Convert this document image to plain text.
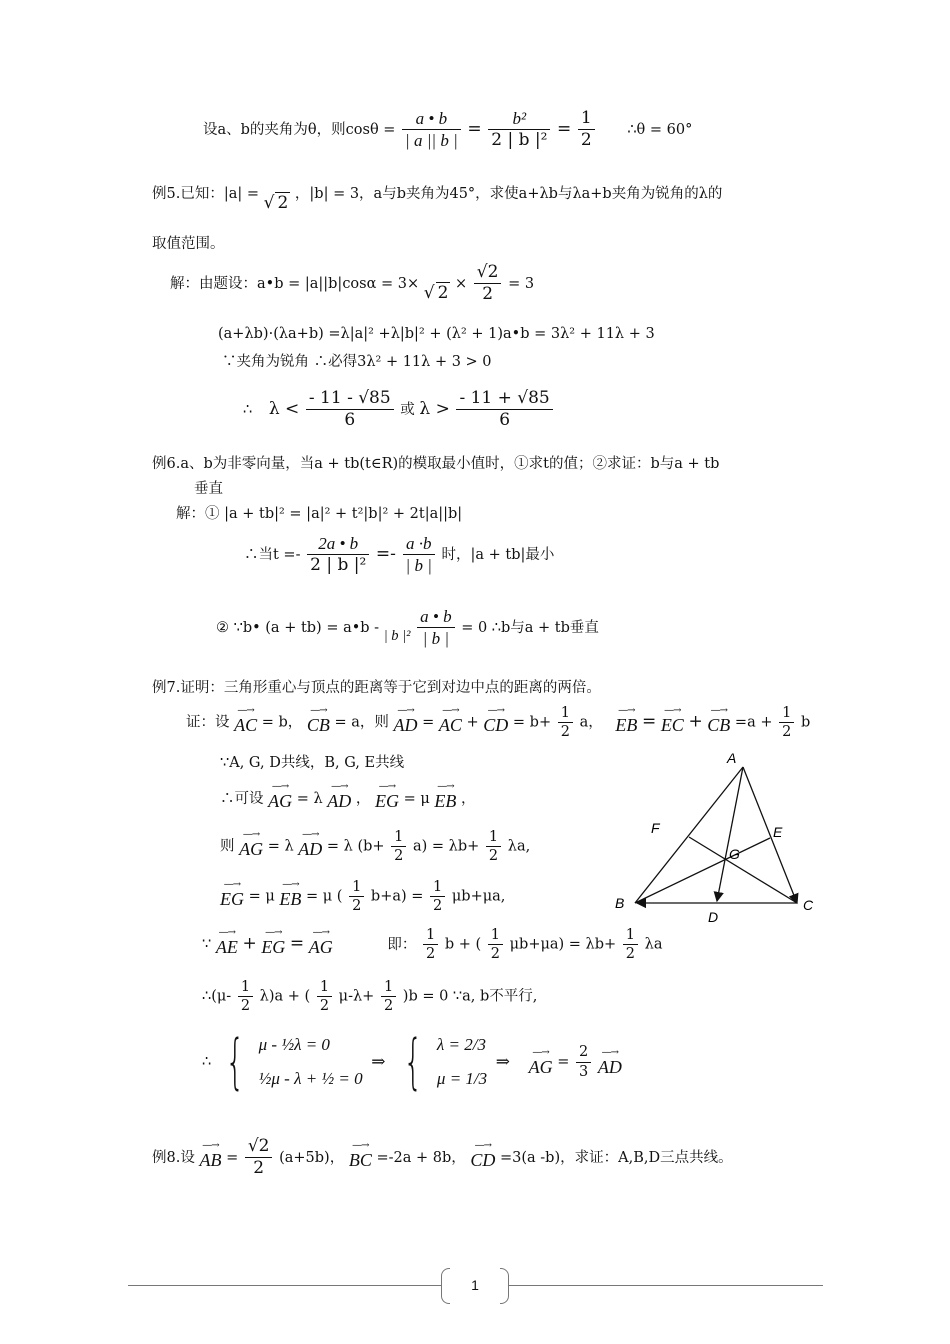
设a、b的夹角为θ，则$\cos\theta = \frac{a • b}{| a || b |} = \frac{\text{b²}}{\text{2 | b |²}} = \frac{1}{2}$ ∴θ = 60°
例5.已知：|a| = √ 2 ，|b| = 3，a与b夹角为45°，求使a+λb与λa+b夹角为锐角的λ的
取值范围。
解：由题设：a•b = |a||b|cosα = 3× √ $2 \times \frac{√2}{2} = 3$
(a+λb)·(λa+b) =λ|a|² +λ|b|² + (λ² + 1)a•b = 3λ² + 11λ + 3
∵夹角为锐角 ∴必得3λ² + 11λ + 3 > 0
∴ $\lambda < \frac{- 11 - √85}{6}$ 或 $\lambda > \frac{- 11 + √85}{6}$
例6.a、b为非零向量，当a + tb(t∈R)的模取最小值时，①求t的值；②求证：b与a + tb
垂直
解：① |a + tb|² = |a|² + t²|b|² + 2t|a||b|
∴当$t =- \frac{2a • b}{\text{2 | b |²}} =- \frac{a \cdot b}{| b |}$ 时，|a + tb|最小
② ∵b• (a + tb) = a•b - | b $|^2 \frac{a • b}{| b |} = 0$ ∴b与a + tb垂直
例7.证明：三角形重心与顶点的距离等于它到对边中点的距离的两倍。
证：设
—→
AC = b，
—→
CB = a，则
—→
AD =
—→
AC +
—→
CD = $b+ \frac{1}{2}$ a，
—→
EB =
—→
EC +
—→
CB $=a + \frac{1}{2}$ b
∵A, G, D共线，B, G, E共线
∴可设
—→
AG = λ
—→
AD ，
—→
EG = μ
—→
EB ，
则
—→
AG = λ
—→
AD = λ $(b+ \frac{1}{2} a) = \lambda b+ \frac{1}{2} \lambda a$,
—→
EG = μ
—→
EB = μ ( $\frac{1}{2} b+a) = \frac{1}{2} \mu b+\mu a$,
∵
—→
AE +
—→
EG =
—→
AG	即： $\frac{1}{2}$ b + ( $\frac{1}{2} \mu b+\mu a) = \lambda b+ \frac{1}{2}$ λa
∴(μ- $\frac{1}{2} \lambda)a$ + ( $\frac{1}{2} \mu-\lambda+ \frac{1}{2} )b = 0$ ∵a, b不平行,
∴ { μ - ½λ = 0
½μ - λ + ½ = 0
⇒ { λ = 2/3
μ = 1/3
⇒	—→
AG = $\frac{2}{3}$
	—→
AD
例8.设
—→
AB = $\frac{√2}{2} (a+5b)$，
—→
BC =-2a + 8b，
—→
CD =3(a -b)，求证：A,B,D三点共线。
A
B	C
D
E
F
G
1
